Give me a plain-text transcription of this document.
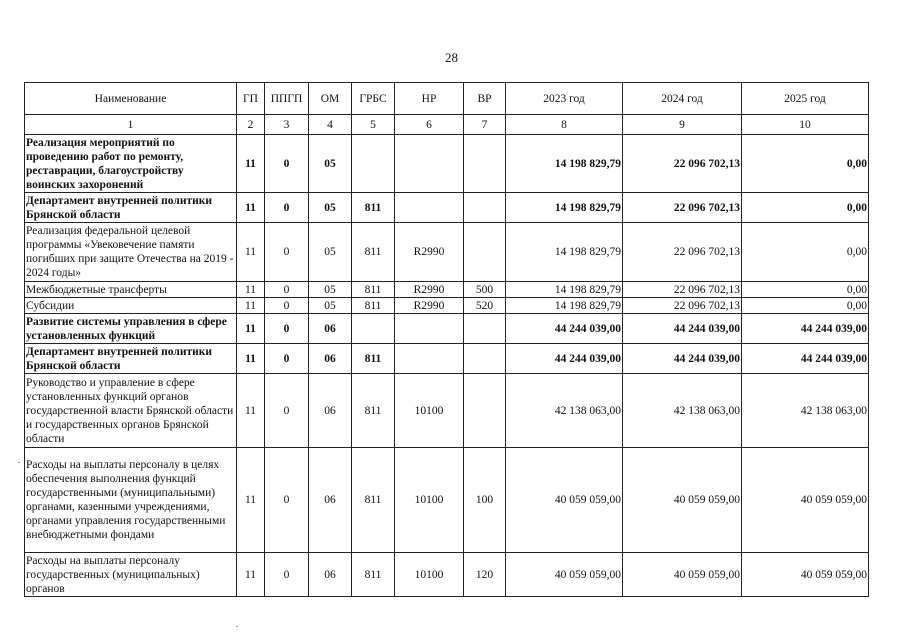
28
Наименование	ГП	ППГП	ОМ	ГРБС	НР	ВР	2023 год	2024 год	2025 год
1	2	3	4	5	6	7	8	9	10
Реализация мероприятий по проведению работ по ремонту, реставрации, благоустройству воинских захоронений	11	0	05				14 198 829,79	22 096 702,13	0,00
Департамент внутренней политики Брянской области	11	0	05	811			14 198 829,79	22 096 702,13	0,00
Реализация федеральной целевой программы «Увековечение памяти погибших при защите Отечества на 2019 - 2024 годы»	11	0	05	811	R2990		14 198 829,79	22 096 702,13	0,00
Межбюджетные трансферты	11	0	05	811	R2990	500	14 198 829,79	22 096 702,13	0,00
Субсидии	11	0	05	811	R2990	520	14 198 829,79	22 096 702,13	0,00
Развитие системы управления в сфере установленных функций	11	0	06				44 244 039,00	44 244 039,00	44 244 039,00
Департамент внутренней политики Брянской области	11	0	06	811			44 244 039,00	44 244 039,00	44 244 039,00
Руководство и управление в сфере установленных функций органов государственной власти Брянской области и государственных органов Брянской области	11	0	06	811	10100		42 138 063,00	42 138 063,00	42 138 063,00
Расходы на выплаты персоналу в целях обеспечения выполнения функций государственными (муниципальными) органами, казенными учреждениями, органами управления государственными внебюджетными фондами	11	0	06	811	10100	100	40 059 059,00	40 059 059,00	40 059 059,00
Расходы на выплаты персоналу государственных (муниципальных) органов	11	0	06	811	10100	120	40 059 059,00	40 059 059,00	40 059 059,00
